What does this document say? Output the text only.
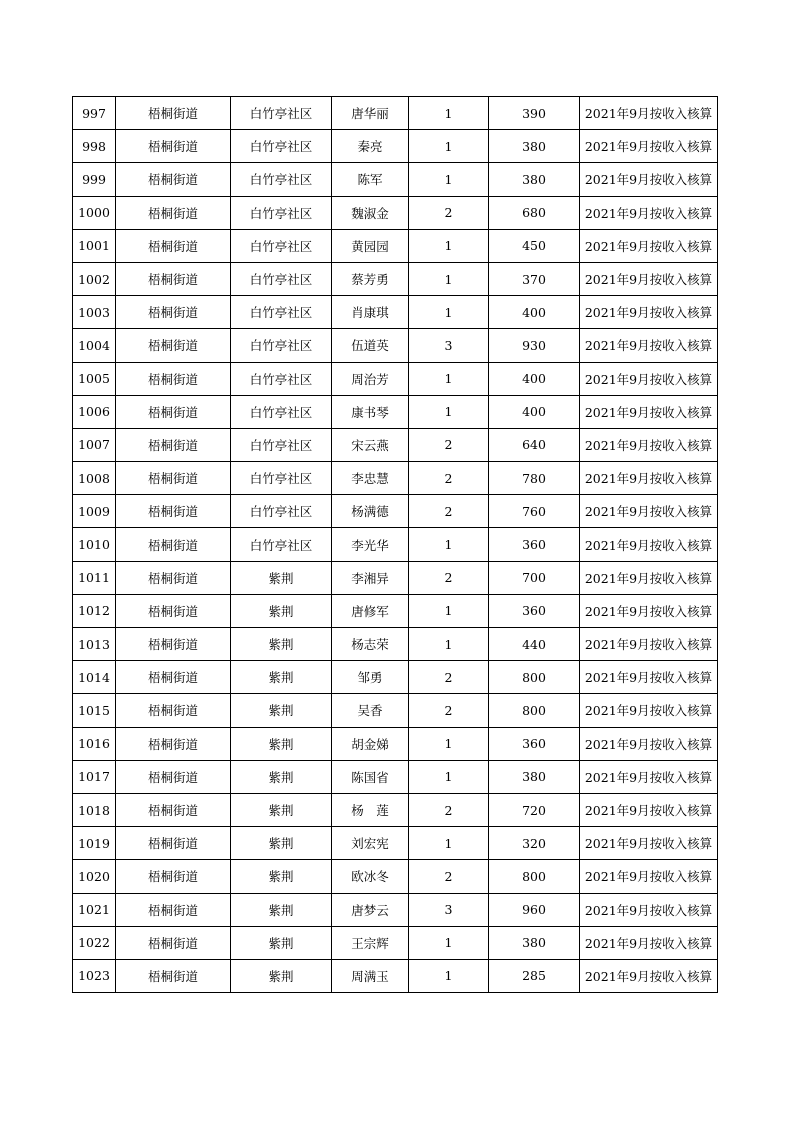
997	梧桐街道	白竹亭社区	唐华丽	1	390	2021年9月按收入核算
998	梧桐街道	白竹亭社区	秦亮	1	380	2021年9月按收入核算
999	梧桐街道	白竹亭社区	陈军	1	380	2021年9月按收入核算
1000	梧桐街道	白竹亭社区	魏淑金	2	680	2021年9月按收入核算
1001	梧桐街道	白竹亭社区	黄园园	1	450	2021年9月按收入核算
1002	梧桐街道	白竹亭社区	蔡芳勇	1	370	2021年9月按收入核算
1003	梧桐街道	白竹亭社区	肖康琪	1	400	2021年9月按收入核算
1004	梧桐街道	白竹亭社区	伍道英	3	930	2021年9月按收入核算
1005	梧桐街道	白竹亭社区	周治芳	1	400	2021年9月按收入核算
1006	梧桐街道	白竹亭社区	康书琴	1	400	2021年9月按收入核算
1007	梧桐街道	白竹亭社区	宋云燕	2	640	2021年9月按收入核算
1008	梧桐街道	白竹亭社区	李忠慧	2	780	2021年9月按收入核算
1009	梧桐街道	白竹亭社区	杨满德	2	760	2021年9月按收入核算
1010	梧桐街道	白竹亭社区	李光华	1	360	2021年9月按收入核算
1011	梧桐街道	紫荆	李湘异	2	700	2021年9月按收入核算
1012	梧桐街道	紫荆	唐修军	1	360	2021年9月按收入核算
1013	梧桐街道	紫荆	杨志荣	1	440	2021年9月按收入核算
1014	梧桐街道	紫荆	邹勇	2	800	2021年9月按收入核算
1015	梧桐街道	紫荆	吴香	2	800	2021年9月按收入核算
1016	梧桐街道	紫荆	胡金娣	1	360	2021年9月按收入核算
1017	梧桐街道	紫荆	陈国省	1	380	2021年9月按收入核算
1018	梧桐街道	紫荆	杨　莲	2	720	2021年9月按收入核算
1019	梧桐街道	紫荆	刘宏宪	1	320	2021年9月按收入核算
1020	梧桐街道	紫荆	欧冰冬	2	800	2021年9月按收入核算
1021	梧桐街道	紫荆	唐梦云	3	960	2021年9月按收入核算
1022	梧桐街道	紫荆	王宗辉	1	380	2021年9月按收入核算
1023	梧桐街道	紫荆	周满玉	1	285	2021年9月按收入核算
